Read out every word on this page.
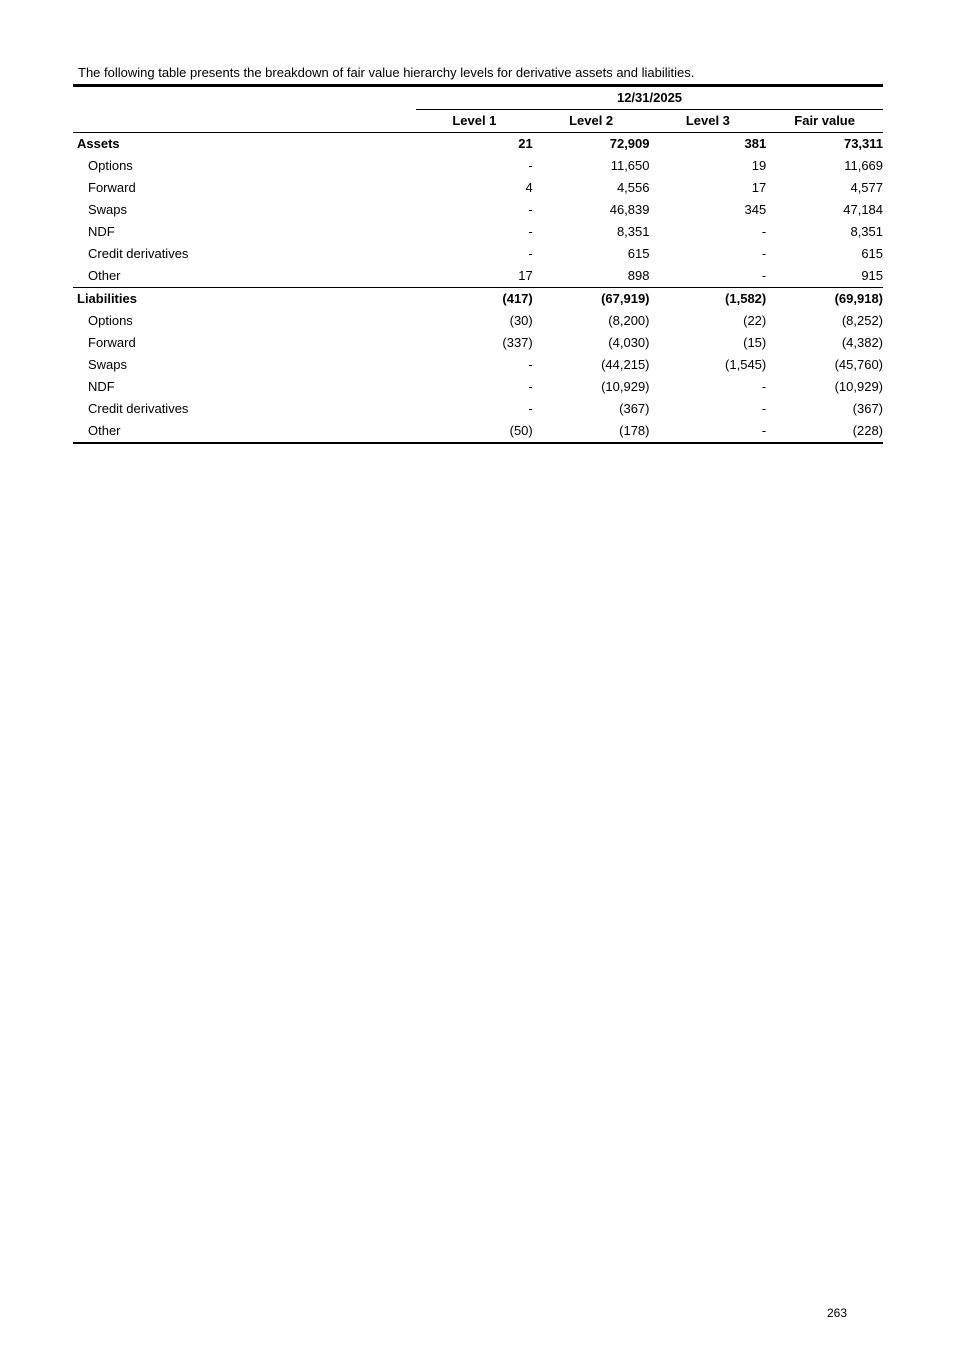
The following table presents the breakdown of fair value hierarchy levels for derivative assets and liabilities.
	12/31/2025			
	Level 1	Level 2	Level 3	Fair value
Assets	21	72,909	381	73,311
Options	-	11,650	19	11,669
Forward	4	4,556	17	4,577
Swaps	-	46,839	345	47,184
NDF	-	8,351	-	8,351
Credit derivatives	-	615	-	615
Other	17	898	-	915
Liabilities	(417)	(67,919)	(1,582)	(69,918)
Options	(30)	(8,200)	(22)	(8,252)
Forward	(337)	(4,030)	(15)	(4,382)
Swaps	-	(44,215)	(1,545)	(45,760)
NDF	-	(10,929)	-	(10,929)
Credit derivatives	-	(367)	-	(367)
Other	(50)	(178)	-	(228)
263
